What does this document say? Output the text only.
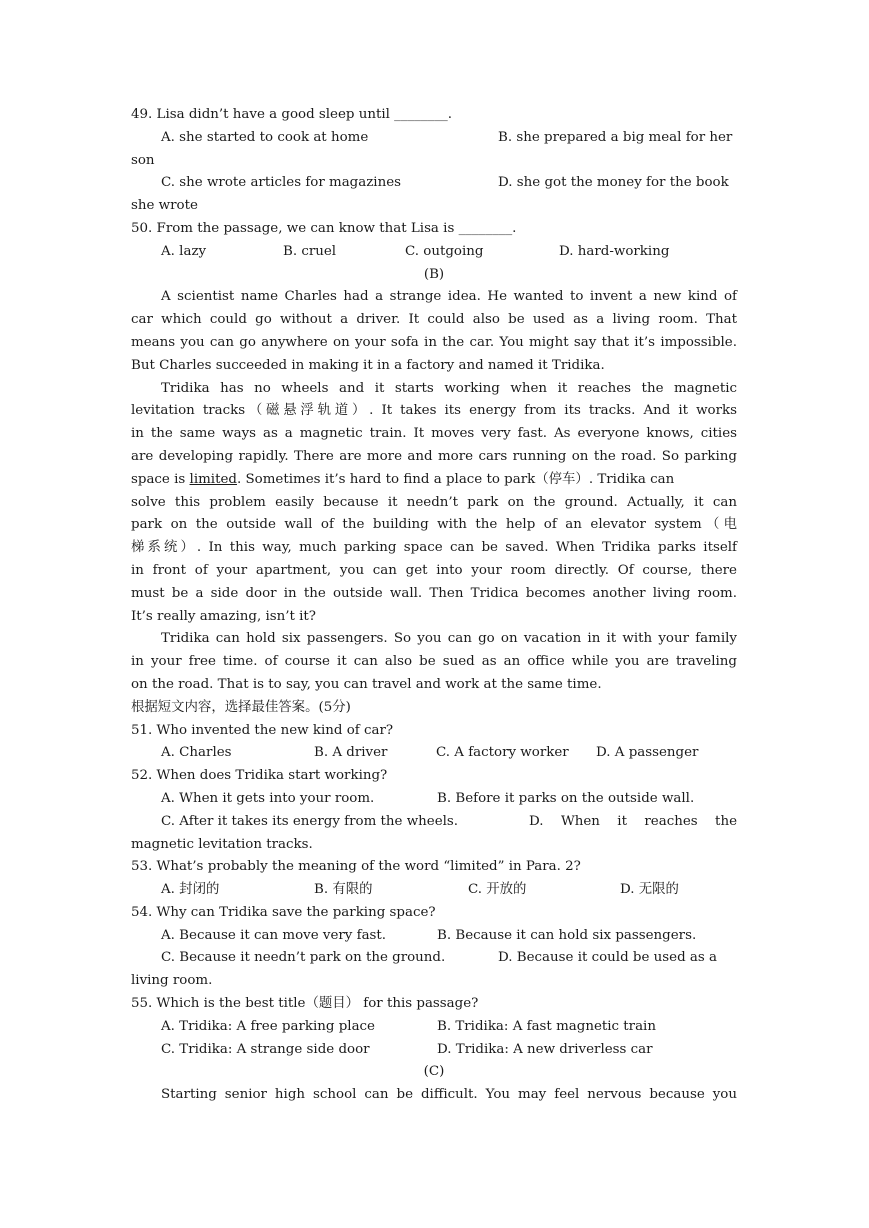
49. Lisa didn’t have a good sleep until ________.
A. she started to cook at home	B. she prepared a big meal for her
son
C. she wrote articles for magazines	D. she got the money for the book
she wrote
50. From the passage, we can know that Lisa is ________.
A. lazy	B. cruel	C. outgoing	D. hard-working
(B)
A scientist name Charles had a strange idea. He wanted to invent a new kind of
car which could go without a driver. It could also be used as a living room. That
means you can go anywhere on your sofa in the car. You might say that it’s impossible.
But Charles succeeded in making it in a factory and named it Tridika.
Tridika has no wheels and it starts working when it reaches the magnetic
levitation tracks（磁悬浮轨道）. It takes its energy from its tracks. And it works
in the same ways as a magnetic train. It moves very fast. As everyone knows, cities
are developing rapidly. There are more and more cars running on the road. So parking
space is limited. Sometimes it’s hard to find a place to park（停车）. Tridika can
solve this problem easily because it needn’t park on the ground. Actually, it can
park on the outside wall of the building with the help of an elevator system（电
梯系统）. In this way, much parking space can be saved. When Tridika parks itself
in front of your apartment, you can get into your room directly. Of course, there
must be a side door in the outside wall. Then Tridica becomes another living room.
It’s really amazing, isn’t it?
Tridika can hold six passengers. So you can go on vacation in it with your family
in your free time. of course it can also be sued as an office while you are traveling
on the road. That is to say, you can travel and work at the same time.
根据短文内容，选择最佳答案。(5分)
51. Who invented the new kind of car?
A. Charles	B. A driver	C. A factory worker	D. A passenger
52. When does Tridika start working?
A. When it gets into your room.	B. Before it parks on the outside wall.
C. After it takes its energy from the wheels.	D. When it reaches the
magnetic levitation tracks.
53. What’s probably the meaning of the word “limited” in Para. 2?
A. 封闭的	B. 有限的	C. 开放的	D. 无限的
54. Why can Tridika save the parking space?
A. Because it can move very fast.	B. Because it can hold six passengers.
C. Because it needn’t park on the ground.	D. Because it could be used as a
living room.
55. Which is the best title（题目） for this passage?
A. Tridika: A free parking place	B. Tridika: A fast magnetic train
C. Tridika: A strange side door	D. Tridika: A new driverless car
(C)
Starting senior high school can be difficult. You may feel nervous because you
